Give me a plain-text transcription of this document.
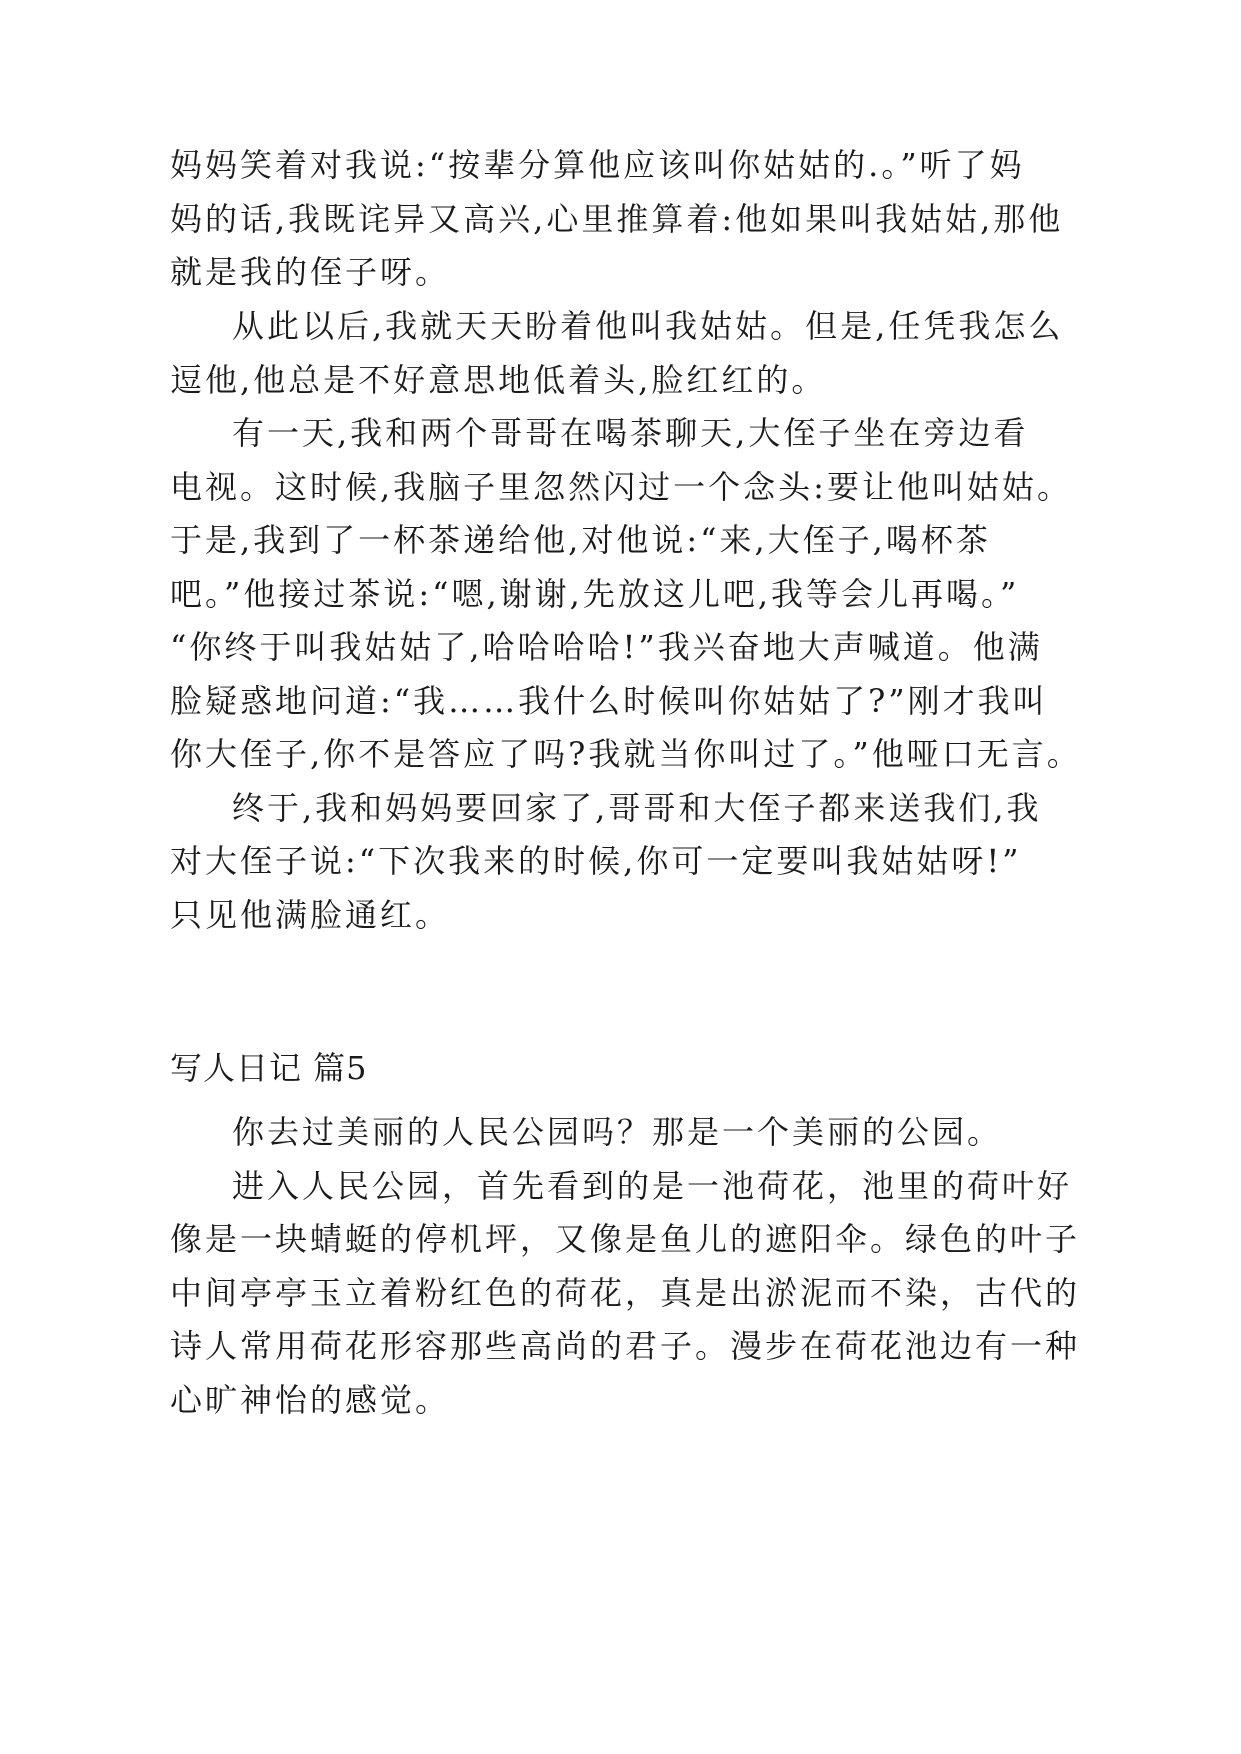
妈妈笑着对我说:“按辈分算他应该叫你姑姑的.。”听了妈

妈的话,我既诧异又高兴,心里推算着:他如果叫我姑姑,那他

就是我的侄子呀。

从此以后,我就天天盼着他叫我姑姑。但是,任凭我怎么

逗他,他总是不好意思地低着头,脸红红的。

有一天,我和两个哥哥在喝茶聊天,大侄子坐在旁边看

电视。这时候,我脑子里忽然闪过一个念头:要让他叫姑姑。

于是,我到了一杯茶递给他,对他说:“来,大侄子,喝杯茶

吧。”他接过茶说:“嗯,谢谢,先放这儿吧,我等会儿再喝。”

“你终于叫我姑姑了,哈哈哈哈!”我兴奋地大声喊道。他满

脸疑惑地问道:“我……我什么时候叫你姑姑了?”刚才我叫

你大侄子,你不是答应了吗?我就当你叫过了。”他哑口无言。

终于,我和妈妈要回家了,哥哥和大侄子都来送我们,我

对大侄子说:“下次我来的时候,你可一定要叫我姑姑呀!”

只见他满脸通红。

写人日记 篇5

你去过美丽的人民公园吗？那是一个美丽的公园。

进入人民公园，首先看到的是一池荷花，池里的荷叶好

像是一块蜻蜓的停机坪，又像是鱼儿的遮阳伞。绿色的叶子

中间亭亭玉立着粉红色的荷花，真是出淤泥而不染，古代的

诗人常用荷花形容那些高尚的君子。漫步在荷花池边有一种

心旷神怡的感觉。
